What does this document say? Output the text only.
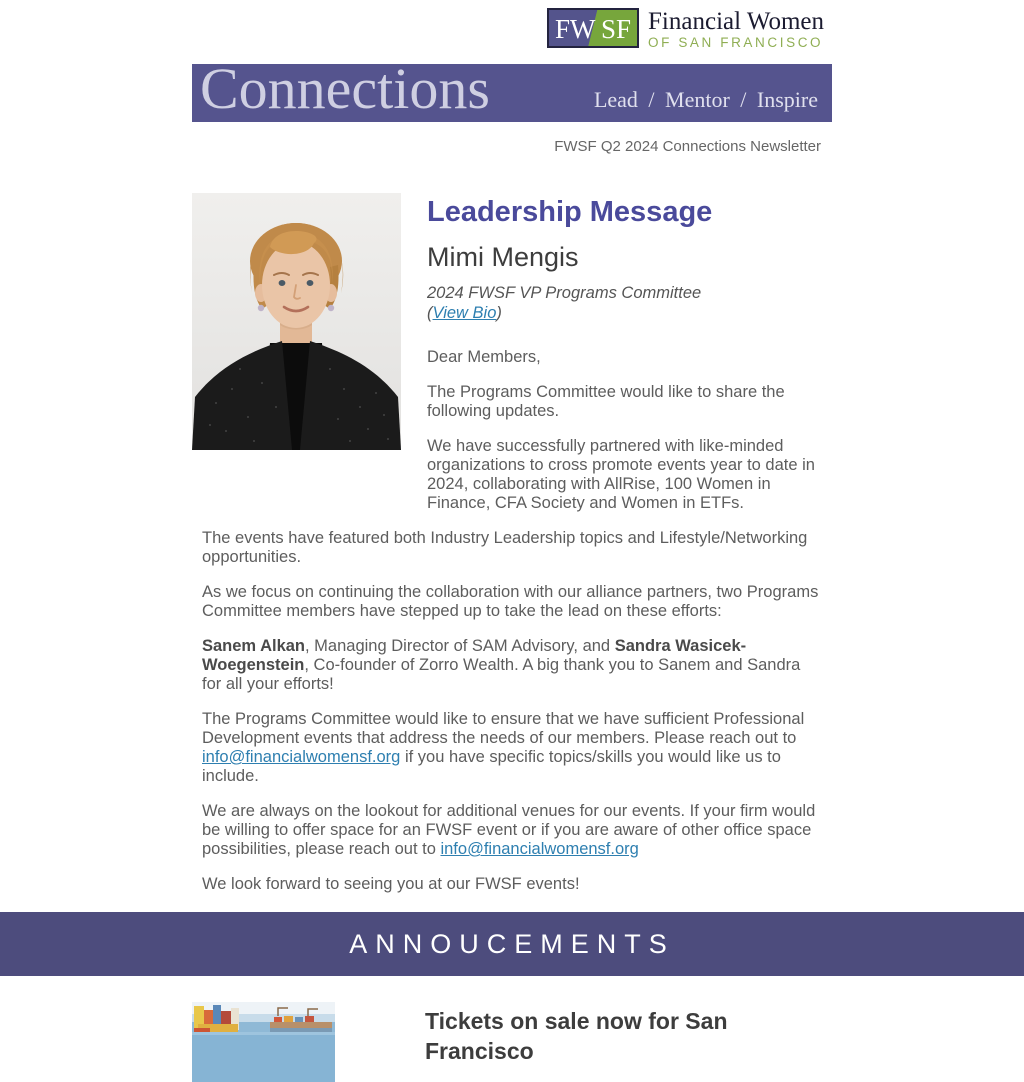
FW SF Financial Women
OF SAN FRANCISCO
Connections	Lead / Mentor / Inspire
FWSF Q2 2024 Connections Newsletter
Leadership Message
Mimi Mengis
2024 FWSF VP Programs Committee
(View Bio)

Dear Members,

The Programs Committee would like to share the following updates.

We have successfully partnered with like-minded organizations to cross promote events year to date in 2024, collaborating with AllRise, 100 Women in Finance, CFA Society and Women in ETFs.

The events have featured both Industry Leadership topics and Lifestyle/Networking opportunities.

As we focus on continuing the collaboration with our alliance partners, two Programs Committee members have stepped up to take the lead on these efforts:

Sanem Alkan, Managing Director of SAM Advisory, and Sandra Wasicek-Woegenstein, Co-founder of Zorro Wealth. A big thank you to Sanem and Sandra for all your efforts!

The Programs Committee would like to ensure that we have sufficient Professional Development events that address the needs of our members. Please reach out to info@financialwomensf.org if you have specific topics/skills you would like us to include.

We are always on the lookout for additional venues for our events. If your firm would be willing to offer space for an FWSF event or if you are aware of other office space possibilities, please reach out to info@financialwomensf.org

We look forward to seeing you at our FWSF events!

ANNOUCEMENTS
Tickets on sale now for San Francisco
